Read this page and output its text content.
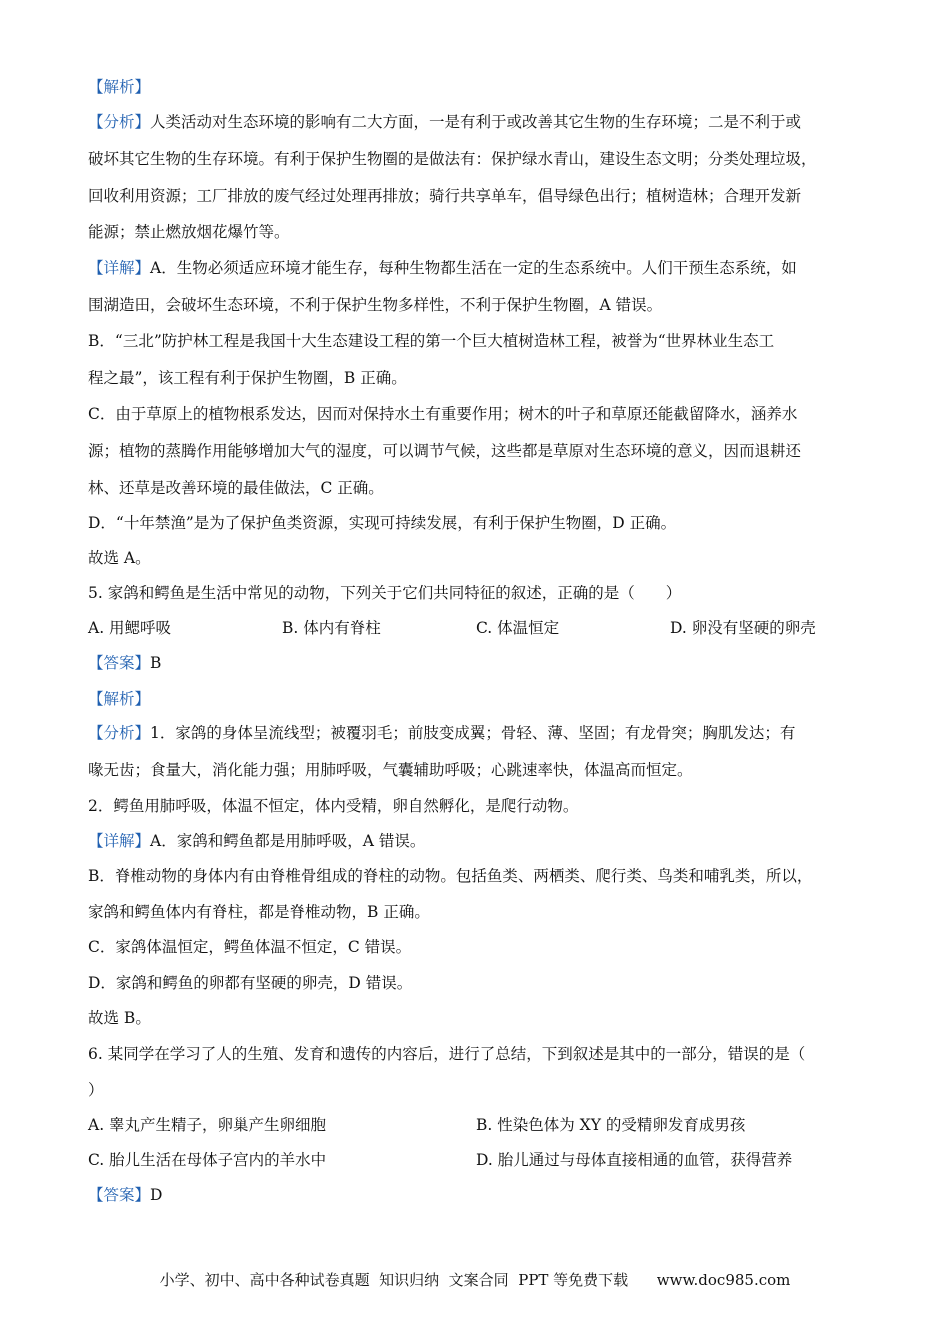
【解析】
【分析】人类活动对生态环境的影响有二大方面，一是有利于或改善其它生物的生存环境；二是不利于或
破坏其它生物的生存环境。有利于保护生物圈的是做法有：保护绿水青山，建设生态文明；分类处理垃圾，
回收利用资源；工厂排放的废气经过处理再排放；骑行共享单车，倡导绿色出行；植树造林；合理开发新
能源；禁止燃放烟花爆竹等。
【详解】A．生物必须适应环境才能生存，每种生物都生活在一定的生态系统中。人们干预生态系统，如
围湖造田，会破坏生态环境，不利于保护生物多样性，不利于保护生物圈，A 错误。
B．“三北”防护林工程是我国十大生态建设工程的第一个巨大植树造林工程，被誉为“世界林业生态工
程之最”，该工程有利于保护生物圈，B 正确。
C．由于草原上的植物根系发达，因而对保持水土有重要作用；树木的叶子和草原还能截留降水，涵养水
源；植物的蒸腾作用能够增加大气的湿度，可以调节气候，这些都是草原对生态环境的意义，因而退耕还
林、还草是改善环境的最佳做法，C 正确。
D．“十年禁渔”是为了保护鱼类资源，实现可持续发展，有利于保护生物圈，D 正确。
故选 A。
5. 家鸽和鳄鱼是生活中常见的动物，下列关于它们共同特征的叙述，正确的是（　　）
A. 用鳃呼吸	B. 体内有脊柱	C. 体温恒定	D. 卵没有坚硬的卵壳
【答案】B
【解析】
【分析】1．家鸽的身体呈流线型；被覆羽毛；前肢变成翼；骨轻、薄、坚固；有龙骨突；胸肌发达；有
喙无齿；食量大，消化能力强；用肺呼吸，气囊辅助呼吸；心跳速率快，体温高而恒定。
2．鳄鱼用肺呼吸，体温不恒定，体内受精，卵自然孵化，是爬行动物。
【详解】A．家鸽和鳄鱼都是用肺呼吸，A 错误。
B．脊椎动物的身体内有由脊椎骨组成的脊柱的动物。包括鱼类、两栖类、爬行类、鸟类和哺乳类，所以，
家鸽和鳄鱼体内有脊柱，都是脊椎动物，B 正确。
C．家鸽体温恒定，鳄鱼体温不恒定，C 错误。
D．家鸽和鳄鱼的卵都有坚硬的卵壳，D 错误。
故选 B。
6. 某同学在学习了人的生殖、发育和遗传的内容后，进行了总结，下到叙述是其中的一部分，错误的是（
）
A. 睾丸产生精子，卵巢产生卵细胞	B. 性染色体为 XY 的受精卵发育成男孩
C. 胎儿生活在母体子宫内的羊水中	D. 胎儿通过与母体直接相通的血管，获得营养
【答案】D
小学、初中、高中各种试卷真题  知识归纳  文案合同  PPT 等免费下载      www.doc985.com
